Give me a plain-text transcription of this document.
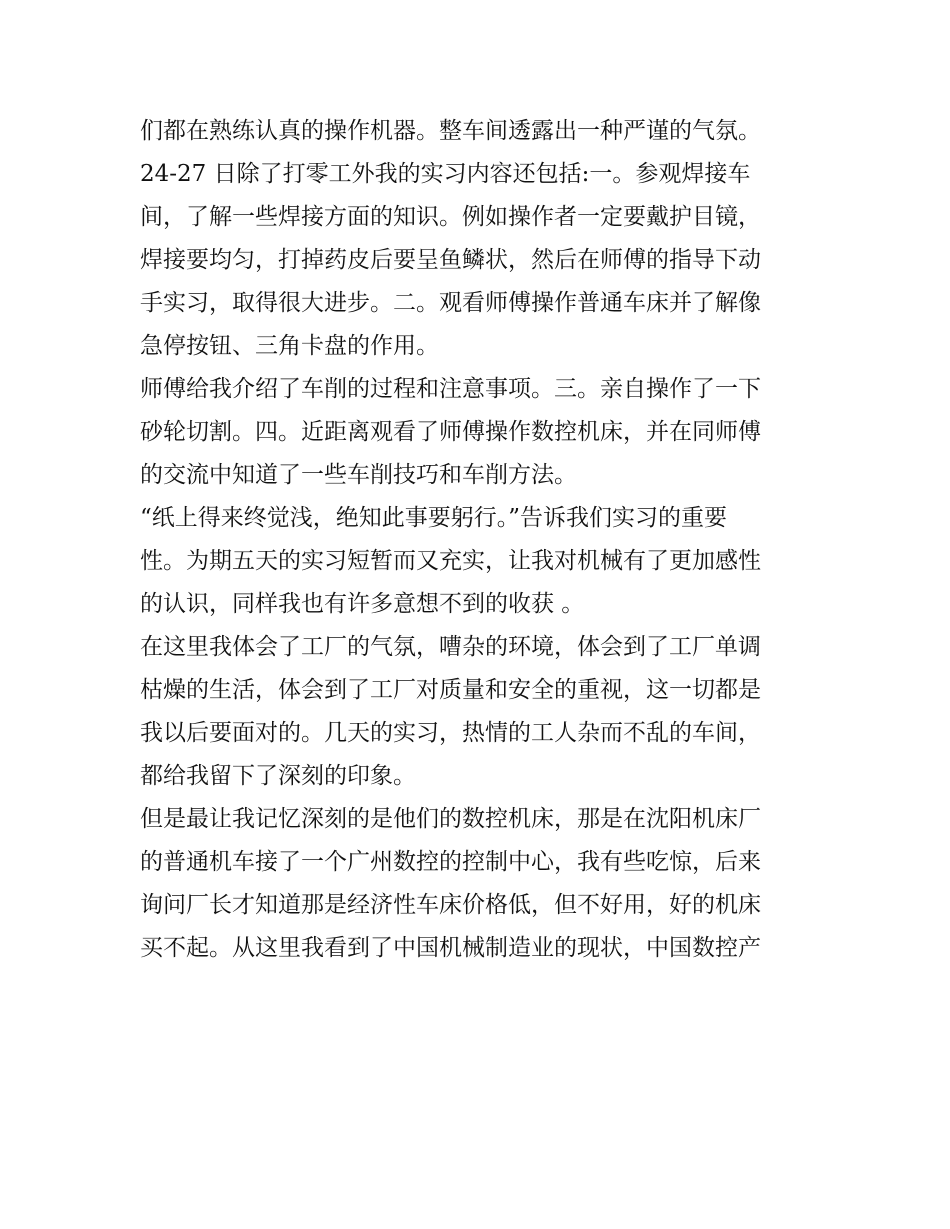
们都在熟练认真的操作机器。整车间透露出一种严谨的气氛。
24-27 日除了打零工外我的实习内容还包括:一。参观焊接车
间，了解一些焊接方面的知识。例如操作者一定要戴护目镜，
焊接要均匀，打掉药皮后要呈鱼鳞状，然后在师傅的指导下动
手实习，取得很大进步。二。观看师傅操作普通车床并了解像
急停按钮、三角卡盘的作用。
师傅给我介绍了车削的过程和注意事项。三。亲自操作了一下
砂轮切割。四。近距离观看了师傅操作数控机床，并在同师傅
的交流中知道了一些车削技巧和车削方法。
“纸上得来终觉浅，绝知此事要躬行。”告诉我们实习的重要
性。为期五天的实习短暂而又充实，让我对机械有了更加感性
的认识，同样我也有许多意想不到的收获 。
在这里我体会了工厂的气氛，嘈杂的环境，体会到了工厂单调
枯燥的生活，体会到了工厂对质量和安全的重视，这一切都是
我以后要面对的。几天的实习，热情的工人杂而不乱的车间，
都给我留下了深刻的印象。
但是最让我记忆深刻的是他们的数控机床，那是在沈阳机床厂
的普通机车接了一个广州数控的控制中心，我有些吃惊，后来
询问厂长才知道那是经济性车床价格低，但不好用，好的机床
买不起。从这里我看到了中国机械制造业的现状，中国数控产
